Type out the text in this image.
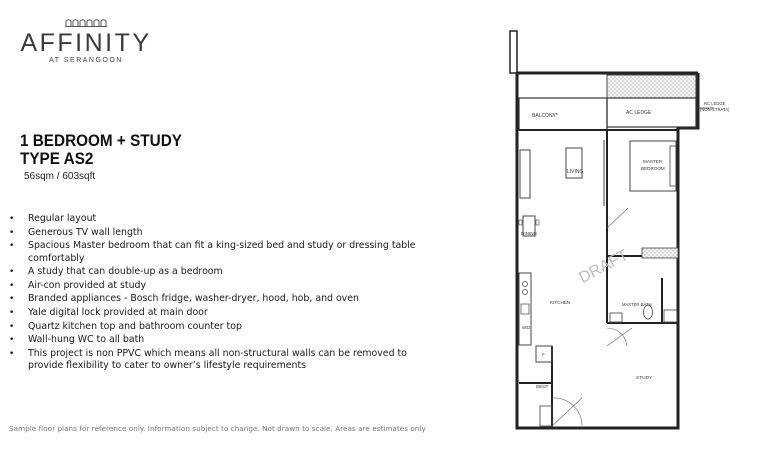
AFFINITY
AT SERANGOON
1 BEDROOM + STUDY
TYPE AS2
56sqm / 603sqft
• Regular layout
• Generous TV wall length
• Spacious Master bedroom that can fit a king-sized bed and study or dressing table comfortably
• A study that can double-up as a bedroom
• Air-con provided at study
• Branded appliances - Bosch fridge, washer-dryer, hood, hob, and oven
• Yale digital lock provided at main door
• Quartz kitchen top and bathroom counter top
• Wall-hung WC to all bath
• This project is non PPVC which means all non-structural walls can be removed to provide flexibility to cater to owner’s lifestyle requirements
Sample floor plans for reference only. Information subject to change. Not drawn to scale. Areas are estimates only
BALCONY*	AC LEDGE
RC LEDGE
(NON-STRATA)
LIVING
MASTER
BEDROOM
DINING
KITCHEN
W/D
F
DB/ST
MASTER BATH
STUDY
DRAFT
